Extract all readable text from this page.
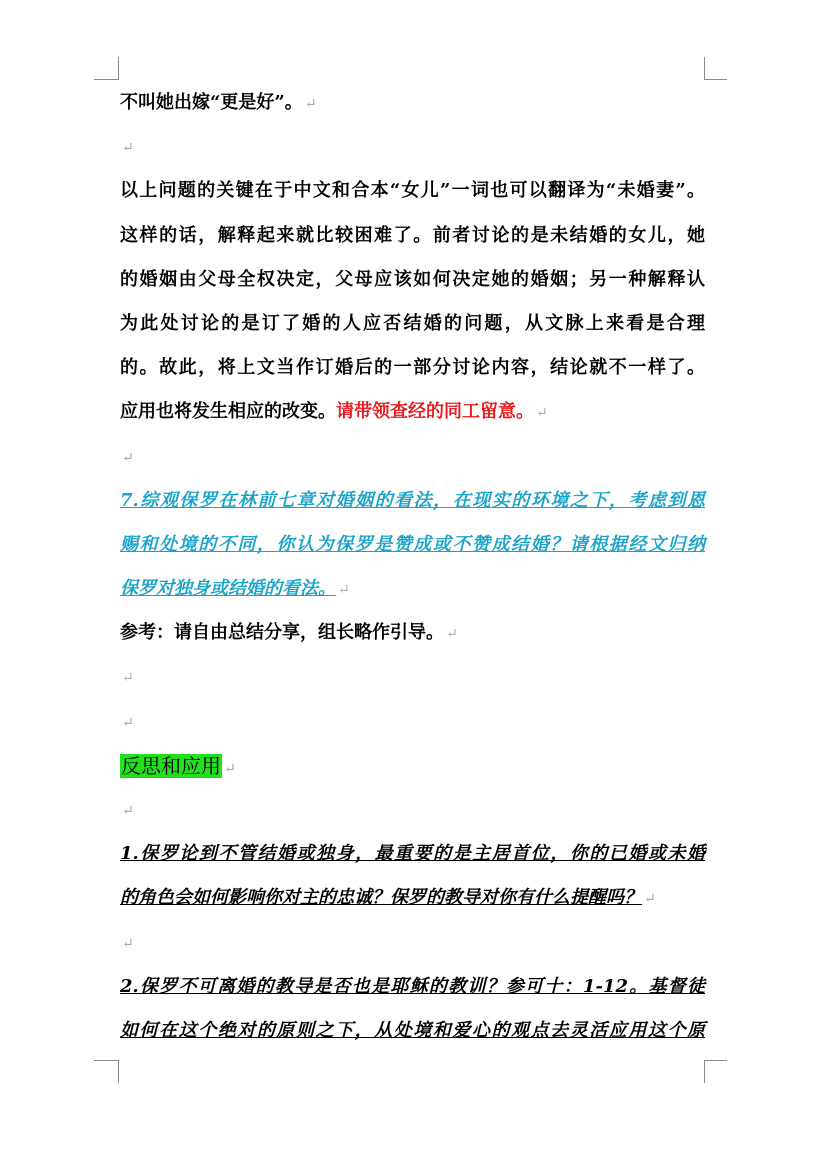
不叫她出嫁“更是好”。 ↵
↵
以上问题的关键在于中文和合本“女儿”一词也可以翻译为“未婚妻”。
这样的话，解释起来就比较困难了。前者讨论的是未结婚的女儿，她
的婚姻由父母全权决定，父母应该如何决定她的婚姻；另一种解释认
为此处讨论的是订了婚的人应否结婚的问题，从文脉上来看是合理
的。故此，将上文当作订婚后的一部分讨论内容，结论就不一样了。
应用也将发生相应的改变。请带领查经的同工留意。 ↵
↵
7.综观保罗在林前七章对婚姻的看法，在现实的环境之下，考虑到恩
赐和处境的不同，你认为保罗是赞成或不赞成结婚？请根据经文归纳
保罗对独身或结婚的看法。 ↵
参考：请自由总结分享，组长略作引导。 ↵
↵
↵
反思和应用 ↵
↵
1.保罗论到不管结婚或独身，最重要的是主居首位，你的已婚或未婚
的角色会如何影响你对主的忠诚？保罗的教导对你有什么提醒吗？ ↵
↵
2.保罗不可离婚的教导是否也是耶稣的教训？参可十：1-12。基督徒
如何在这个绝对的原则之下，从处境和爱心的观点去灵活应用这个原
